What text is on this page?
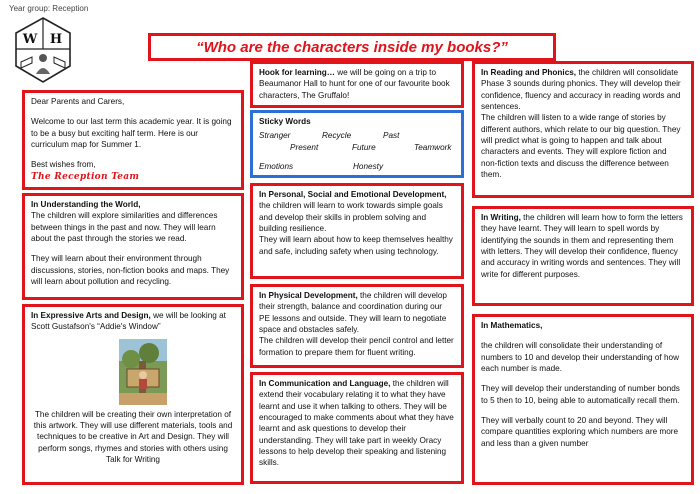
Year group: Reception
W H	“Who are the characters inside my books?”

Dear Parents and Carers,

Welcome to our last term this academic year. It is going to be a busy but exciting half term. Here is our curriculum map for Summer 1.

Best wishes from,

The Reception Team

In Understanding the World,

The children will explore similarities and differences between things in the past and now. They will learn about the past through the stories we read.

They will learn about their environment through discussions, stories, non-fiction books and maps. They will learn about pollution and recycling.

In Expressive Arts and Design, we will be looking at Scott Gustafson's “Addie's Window”

The children will be creating their own interpretation of this artwork. They will use different materials, tools and techniques to be creative in Art and Design. They will perform songs, rhymes and stories with others using Talk for Writing

Hook for learning… we will be going on a trip to Beaumanor Hall to hunt for one of our favourite book characters, The Gruffalo!

Sticky Words

Stranger	Recycle	Past
Present	Future	Teamwork
Emotions	Honesty

In Personal, Social and Emotional Development, the children will learn to work towards simple goals and develop their skills in problem solving and building resilience.

They will learn about how to keep themselves healthy and safe, including safety when using technology.

In Physical Development, the children will develop their strength, balance and coordination during our PE lessons and outside. They will learn to negotiate space and obstacles safely.

The children will develop their pencil control and letter formation to prepare them for fluent writing.

In Communication and Language, the children will extend their vocabulary relating it to what they have learnt and use it when talking to others. They will be encouraged to make comments about what they have learnt and ask questions to develop their understanding. They will take part in weekly Oracy lessons to help develop their speaking and listening skills.

In Reading and Phonics, the children will consolidate Phase 3 sounds during phonics. They will develop their confidence, fluency and accuracy in reading words and sentences.

The children will listen to a wide range of stories by different authors, which relate to our big question. They will predict what is going to happen and talk about characters and events. They will explore fiction and non-fiction texts and discuss the difference between them.

In Writing, the children will learn how to form the letters they have learnt. They will learn to spell words by identifying the sounds in them and representing them with letters. They will develop their confidence, fluency and accuracy in writing words and sentences. They will write for different purposes.

In Mathematics,

the children will consolidate their understanding of numbers to 10 and develop their understanding of how each number is made.

They will develop their understanding of number bonds to 5 then to 10, being able to automatically recall them.

They will verbally count to 20 and beyond. They will compare quantities exploring which numbers are more and less than a given number
